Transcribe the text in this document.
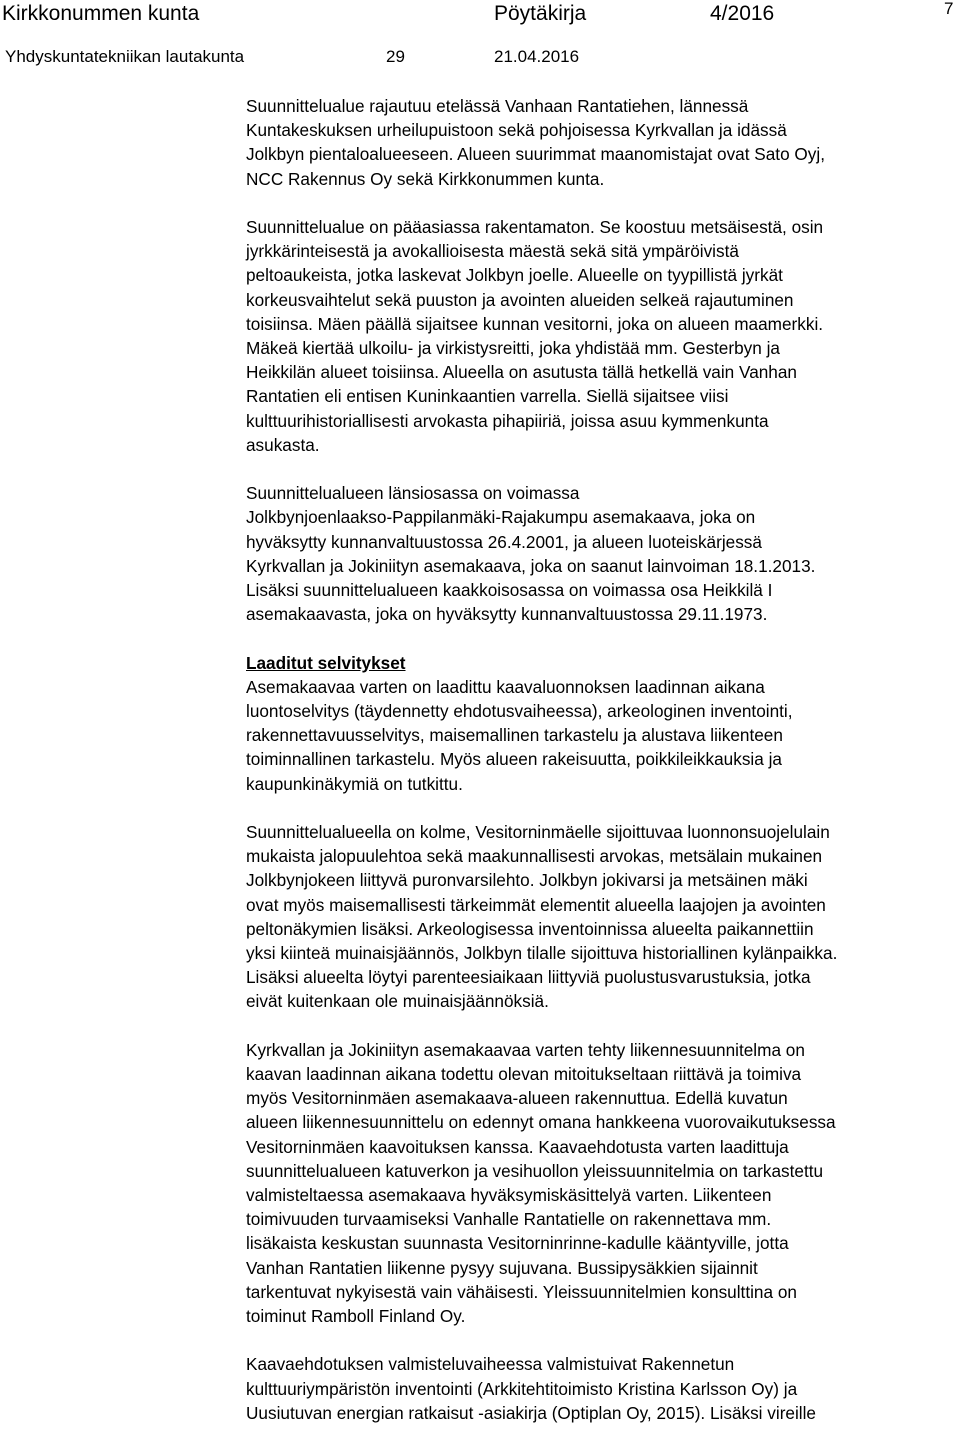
Kirkkonummen kunta	Pöytäkirja	4/2016	7
Yhdyskuntatekniikan lautakunta	29	21.04.2016

Suunnittelualue rajautuu etelässä Vanhaan Rantatiehen, lännessä
Kuntakeskuksen urheilupuistoon sekä pohjoisessa Kyrkvallan ja idässä
Jolkbyn pientaloalueeseen. Alueen suurimmat maanomistajat ovat Sato Oyj,
NCC Rakennus Oy sekä Kirkkonummen kunta.

Suunnittelualue on pääasiassa rakentamaton. Se koostuu metsäisestä, osin
jyrkkärinteisestä ja avokallioisesta mäestä sekä sitä ympäröivistä
peltoaukeista, jotka laskevat Jolkbyn joelle. Alueelle on tyypillistä jyrkät
korkeusvaihtelut sekä puuston ja avointen alueiden selkeä rajautuminen
toisiinsa. Mäen päällä sijaitsee kunnan vesitorni, joka on alueen maamerkki.
Mäkeä kiertää ulkoilu- ja virkistysreitti, joka yhdistää mm. Gesterbyn ja
Heikkilän alueet toisiinsa. Alueella on asutusta tällä hetkellä vain Vanhan
Rantatien eli entisen Kuninkaantien varrella. Siellä sijaitsee viisi
kulttuurihistoriallisesti arvokasta pihapiiriä, joissa asuu kymmenkunta
asukasta.

Suunnittelualueen länsiosassa on voimassa
Jolkbynjoenlaakso-Pappilanmäki-Rajakumpu asemakaava, joka on
hyväksytty kunnanvaltuustossa 26.4.2001, ja alueen luoteiskärjessä
Kyrkvallan ja Jokiniityn asemakaava, joka on saanut lainvoiman 18.1.2013.
Lisäksi suunnittelualueen kaakkoisosassa on voimassa osa Heikkilä I
asemakaavasta, joka on hyväksytty kunnanvaltuustossa 29.11.1973.

Laaditut selvitykset
Asemakaavaa varten on laadittu kaavaluonnoksen laadinnan aikana
luontoselvitys (täydennetty ehdotusvaiheessa), arkeologinen inventointi,
rakennettavuusselvitys, maisemallinen tarkastelu ja alustava liikenteen
toiminnallinen tarkastelu. Myös alueen rakeisuutta, poikkileikkauksia ja
kaupunkinäkymiä on tutkittu.

Suunnittelualueella on kolme, Vesitorninmäelle sijoittuvaa luonnonsuojelulain
mukaista jalopuulehtoa sekä maakunnallisesti arvokas, metsälain mukainen
Jolkbynjokeen liittyvä puronvarsilehto. Jolkbyn jokivarsi ja metsäinen mäki
ovat myös maisemallisesti tärkeimmät elementit alueella laajojen ja avointen
peltonäkymien lisäksi. Arkeologisessa inventoinnissa alueelta paikannettiin
yksi kiinteä muinaisjäännös, Jolkbyn tilalle sijoittuva historiallinen kylänpaikka.
Lisäksi alueelta löytyi parenteesiaikaan liittyviä puolustusvarustuksia, jotka
eivät kuitenkaan ole muinaisjäännöksiä.

Kyrkvallan ja Jokiniityn asemakaavaa varten tehty liikennesuunnitelma on
kaavan laadinnan aikana todettu olevan mitoitukseltaan riittävä ja toimiva
myös Vesitorninmäen asemakaava-alueen rakennuttua. Edellä kuvatun
alueen liikennesuunnittelu on edennyt omana hankkeena vuorovaikutuksessa
Vesitorninmäen kaavoituksen kanssa. Kaavaehdotusta varten laadittuja
suunnittelualueen katuverkon ja vesihuollon yleissuunnitelmia on tarkastettu
valmisteltaessa asemakaava hyväksymiskäsittelyä varten. Liikenteen
toimivuuden turvaamiseksi Vanhalle Rantatielle on rakennettava mm.
lisäkaista keskustan suunnasta Vesitorninrinne-kadulle kääntyville, jotta
Vanhan Rantatien liikenne pysyy sujuvana. Bussipysäkkien sijainnit
tarkentuvat nykyisestä vain vähäisesti. Yleissuunnitelmien konsulttina on
toiminut Ramboll Finland Oy.

Kaavaehdotuksen valmisteluvaiheessa valmistuivat Rakennetun
kulttuuriympäristön inventointi (Arkkitehtitoimisto Kristina Karlsson Oy) ja
Uusiutuvan energian ratkaisut -asiakirja (Optiplan Oy, 2015). Lisäksi vireille
